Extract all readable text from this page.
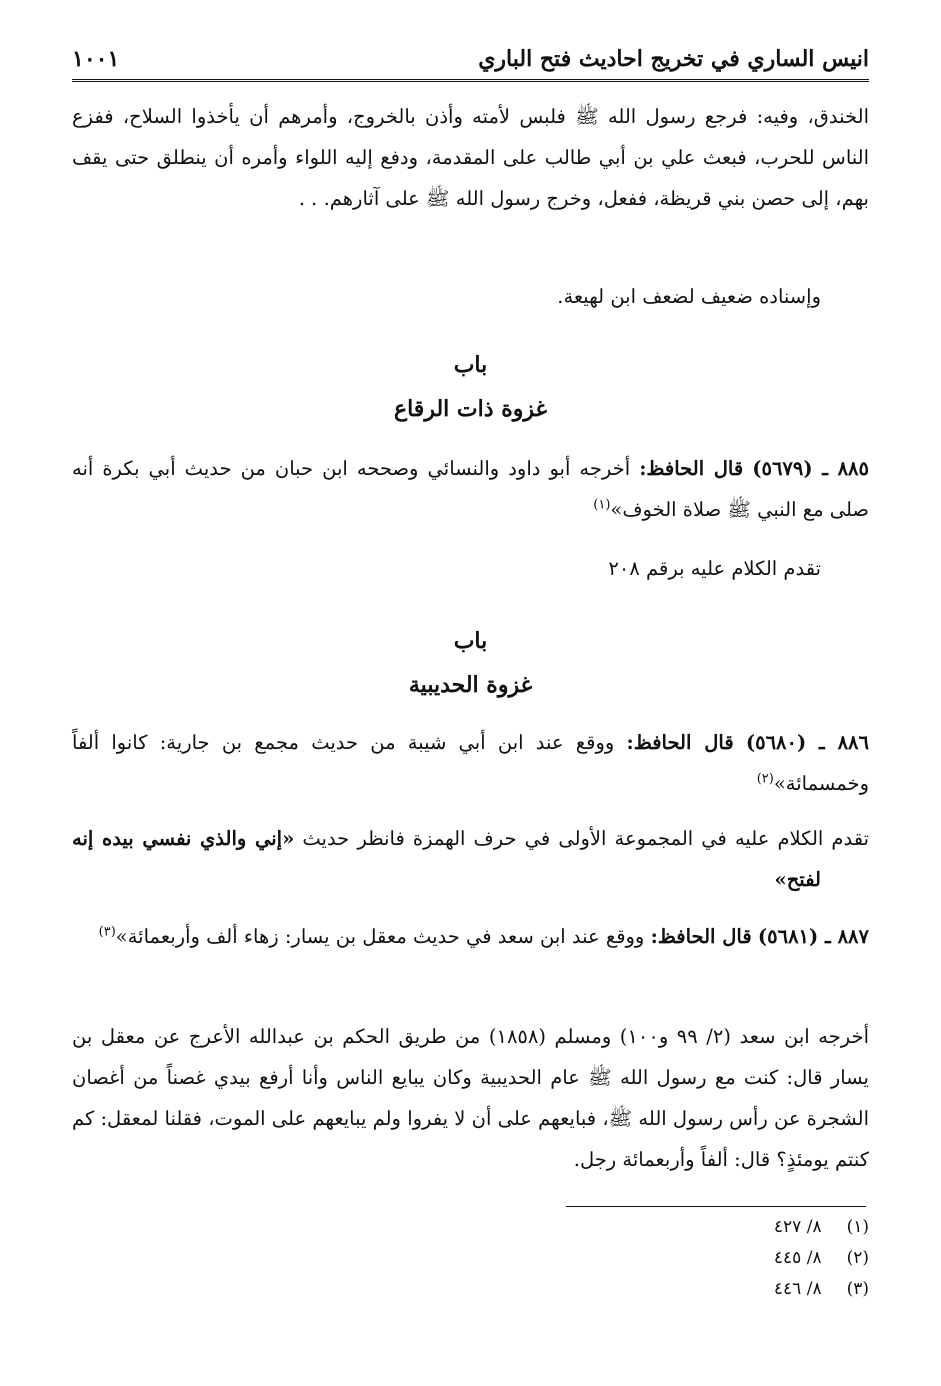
انيس الساري في تخريج احاديث فتح الباري
١٠٠١

الخندق، وفيه: فرجع رسول الله ﷺ فلبس لأمته وأذن بالخروج، وأمرهم أن يأخذوا السلاح، ففزع الناس للحرب، فبعث علي بن أبي طالب على المقدمة، ودفع إليه اللواء وأمره أن ينطلق حتى يقف بهم، إلى حصن بني قريظة، ففعل، وخرج رسول الله ﷺ على آثارهم. . .

وإسناده ضعيف لضعف ابن لهيعة.

باب
غزوة ذات الرقاع

٨٨٥ ـ (٥٦٧٩) قال الحافظ: أخرجه أبو داود والنسائي وصححه ابن حبان من حديث أبي بكرة أنه صلى مع النبي ﷺ صلاة الخوف»$^{(١)}$

تقدم الكلام عليه برقم ٢٠٨

باب
غزوة الحديبية

٨٨٦ ـ (٥٦٨٠) قال الحافظ: ووقع عند ابن أبي شيبة من حديث مجمع بن جارية: كانوا ألفاً وخمسمائة»$^{(٢)}$

تقدم الكلام عليه في المجموعة الأولى في حرف الهمزة فانظر حديث «إني والذي نفسي بيده إنه لفتح»

٨٨٧ ـ (٥٦٨١) قال الحافظ: ووقع عند ابن سعد في حديث معقل بن يسار: زهاء ألف وأربعمائة»$^{(٣)}$

أخرجه ابن سعد (٢/ ٩٩ و١٠٠) ومسلم (١٨٥٨) من طريق الحكم بن عبدالله الأعرج عن معقل بن يسار قال: كنت مع رسول الله ﷺ عام الحديبية وكان يبايع الناس وأنا أرفع بيدي غصناً من أغصان الشجرة عن رأس رسول الله ﷺ، فبايعهم على أن لا يفروا ولم يبايعهم على الموت، فقلنا لمعقل: كم كنتم يومئذٍ؟ قال: ألفاً وأربعمائة رجل.

(١) ٨/ ٤٢٧
(٢) ٨/ ٤٤٥
(٣) ٨/ ٤٤٦
